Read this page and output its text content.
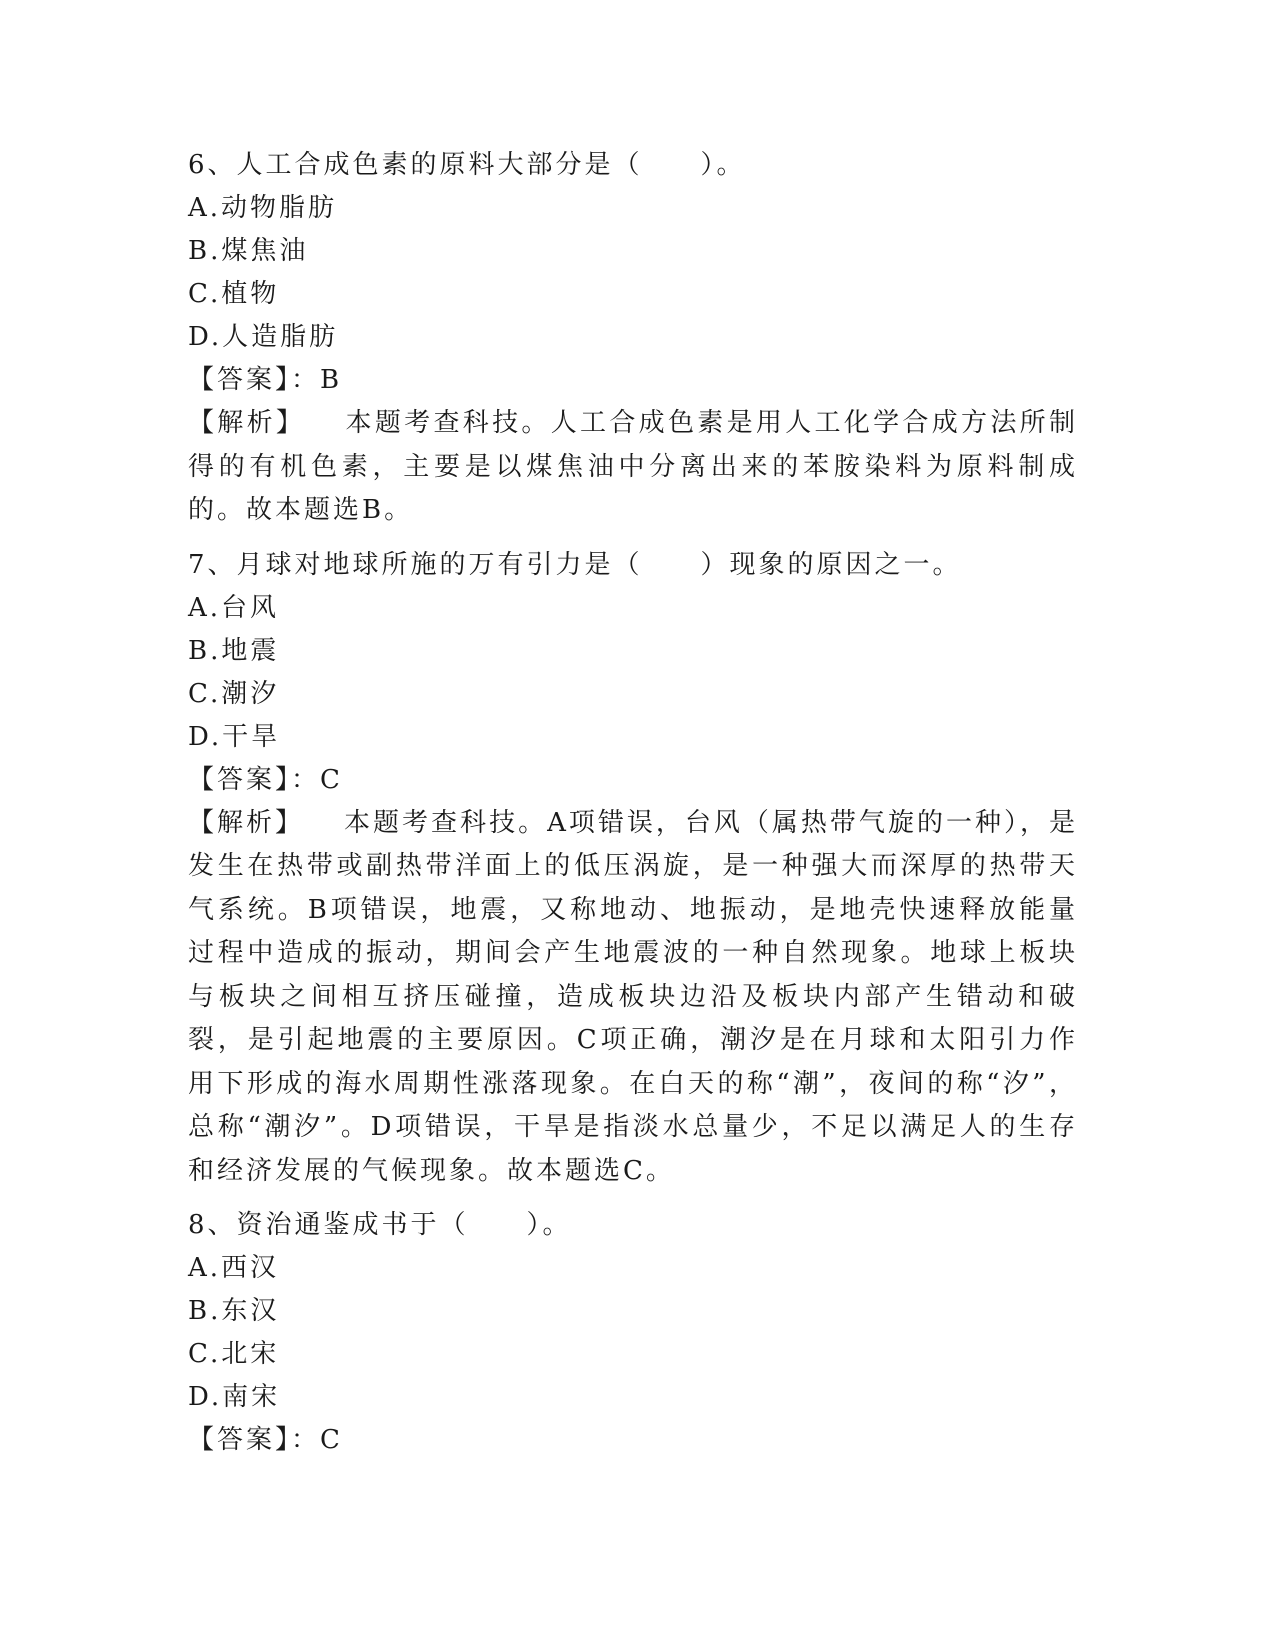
6、人工合成色素的原料大部分是（　　）。
A.动物脂肪
B.煤焦油
C.植物
D.人造脂肪
【答案】：B
【解析】 本题考查科技。人工合成色素是用人工化学合成方法所制得的有机色素，主要是以煤焦油中分离出来的苯胺染料为原料制成的。故本题选B。
7、月球对地球所施的万有引力是（　　）现象的原因之一。
A.台风
B.地震
C.潮汐
D.干旱
【答案】：C
【解析】 本题考查科技。A项错误，台风（属热带气旋的一种），是发生在热带或副热带洋面上的低压涡旋，是一种强大而深厚的热带天气系统。B项错误，地震，又称地动、地振动，是地壳快速释放能量过程中造成的振动，期间会产生地震波的一种自然现象。地球上板块与板块之间相互挤压碰撞，造成板块边沿及板块内部产生错动和破裂，是引起地震的主要原因。C项正确，潮汐是在月球和太阳引力作用下形成的海水周期性涨落现象。在白天的称“潮”，夜间的称“汐”，总称“潮汐”。D项错误，干旱是指淡水总量少，不足以满足人的生存和经济发展的气候现象。故本题选C。
8、资治通鉴成书于（　　）。
A.西汉
B.东汉
C.北宋
D.南宋
【答案】：C
